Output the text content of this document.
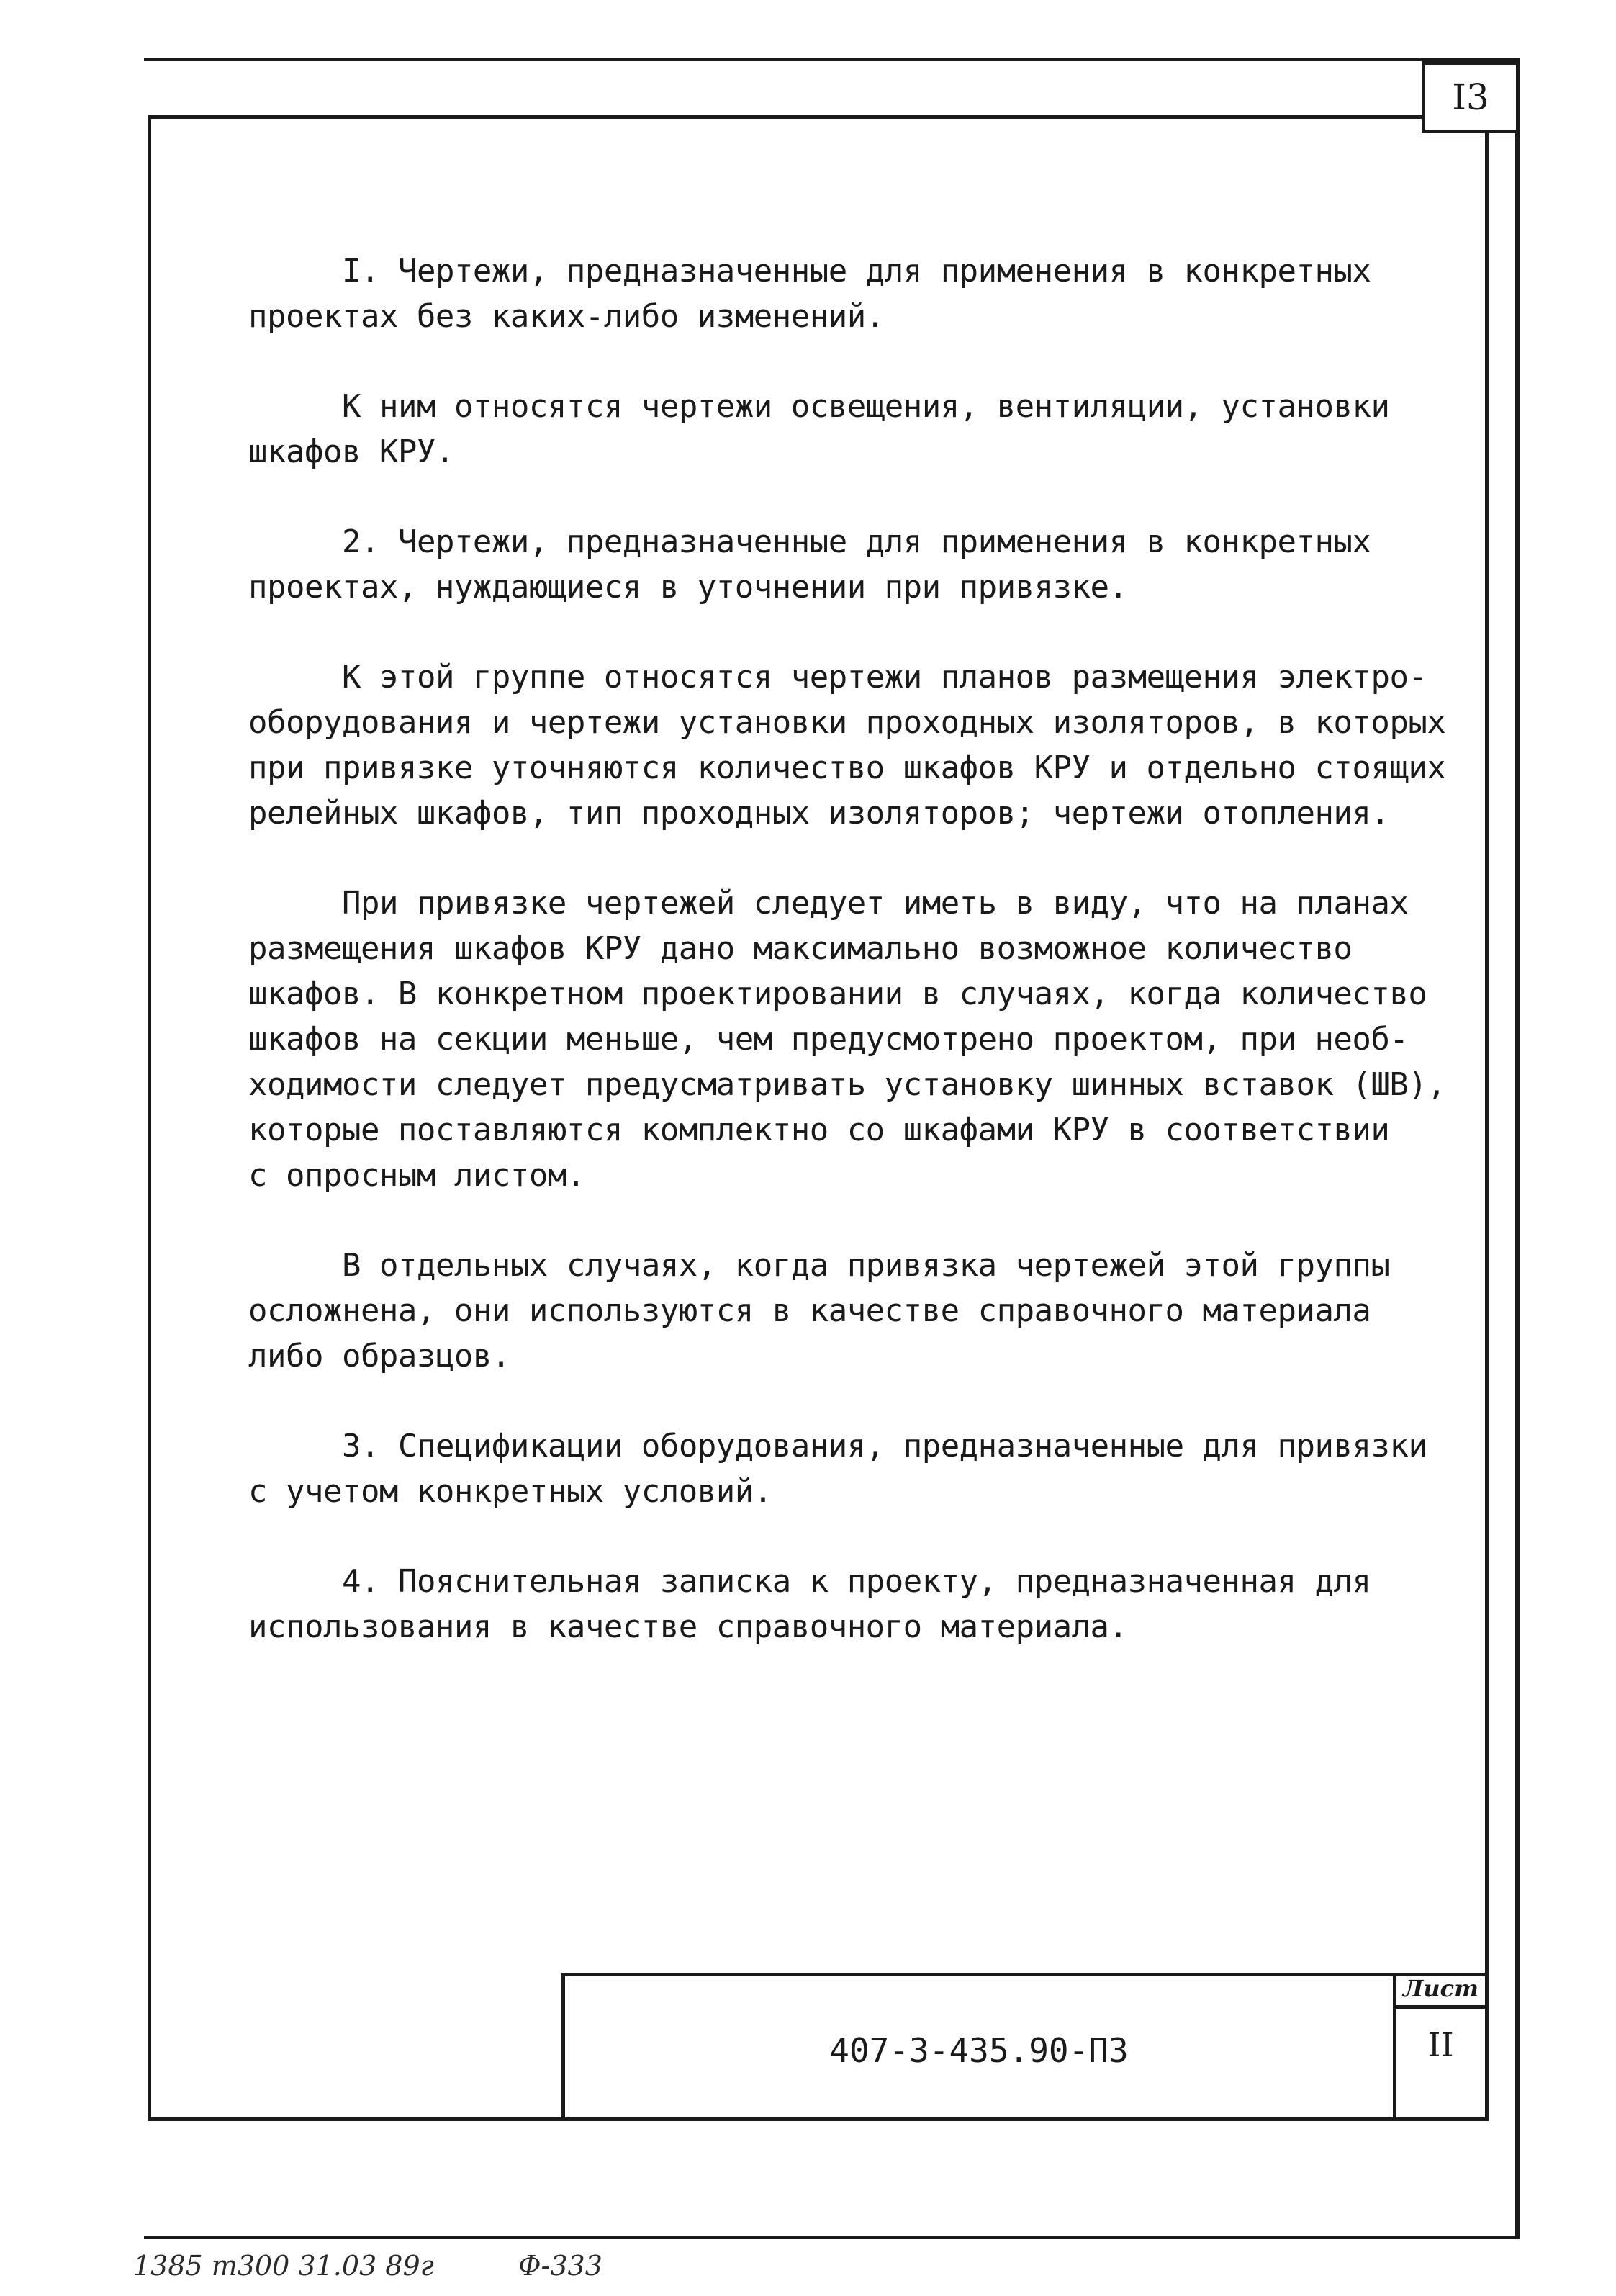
I3

I. Чертежи, предназначенные для применения в конкретных
проектах без каких-либо изменений.

К ним относятся чертежи освещения, вентиляции, установки
шкафов КРУ.

2. Чертежи, предназначенные для применения в конкретных
проектах, нуждающиеся в уточнении при привязке.

К этой группе относятся чертежи планов размещения электро-
оборудования и чертежи установки проходных изоляторов, в которых
при привязке уточняются количество шкафов КРУ и отдельно стоящих
релейных шкафов, тип проходных изоляторов; чертежи отопления.

При привязке чертежей следует иметь в виду, что на планах
размещения шкафов КРУ дано максимально возможное количество
шкафов. В конкретном проектировании в случаях, когда количество
шкафов на секции меньше, чем предусмотрено проектом, при необ-
ходимости следует предусматривать установку шинных вставок (ШВ),
которые поставляются комплектно со шкафами КРУ в соответствии
с опросным листом.

В отдельных случаях, когда привязка чертежей этой группы
осложнена, они используются в качестве справочного материала
либо образцов.

3. Спецификации оборудования, предназначенные для привязки
с учетом конкретных условий.

4. Пояснительная записка к проекту, предназначенная для
использования в качестве справочного материала.

407-3-435.90-ПЗ
Лист
II
1385 т300 31.03 89г	Ф-333
